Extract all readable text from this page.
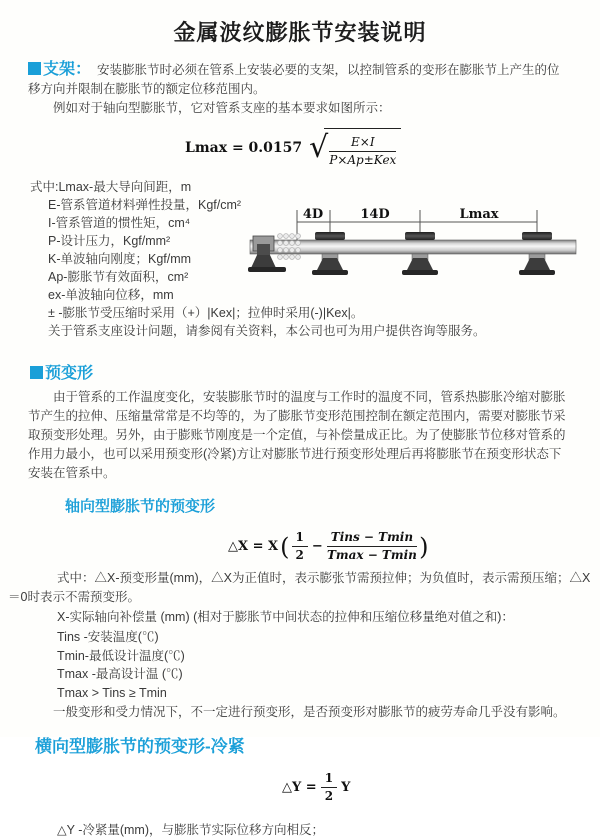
金属波纹膨胀节安装说明

支架： 安装膨胀节时必须在管系上安装必要的支架，以控制管系的变形在膨胀节上产生的位移方向并限制在膨胀节的额定位移范围内。

例如对于轴向型膨胀节，它对管系支座的基本要求如图所示：

Lmax = 0.0157 √ $\frac{E\times I}{\text{P×Ap±Kex}}$
式中:Lmax-最大导向间距，m
E-管系管道材料弹性投量，Kgf/cm²
I-管系管道的惯性矩，cm⁴
P-设计压力，Kgf/mm²
K-单波轴向刚度；Kgf/mm
Ap-膨胀节有效面积，cm²
ex-单波轴向位移，mm
± -膨胀节受压缩时采用（+）|Kex|；拉伸时采用(-)|Kex|。
关于管系支座设计问题，请参阅有关资料，本公司也可为用户提供咨询等服务。
4D	14D	Lmax
预变形

由于管系的工作温度变化，安装膨胀节时的温度与工作时的温度不同，管系热膨胀冷缩对膨胀节产生的拉伸、压缩量常常是不均等的，为了膨胀节变形范围控制在额定范围内，需要对膨胀节采取预变形处理。另外，由于膨账节刚度是一个定值，与补偿量成正比。为了使膨胀节位移对管系的作用力最小，也可以采用预变形(冷紧)方让对膨胀节进行预变形处理后再将膨胀节在预变形状态下安装在管系中。

轴向型膨胀节的预变形
△X = X ( $\frac{1}{2} - \frac{\text{Tins − Tmin}}{Tmax - Tmin}$ )

式中：△X-预变形量(mm)，△X为正值时，表示膨张节需预拉伸；为负值时，表示需预压缩；△X＝0时表示不需预变形。

X-实际轴向补偿量 (mm) (相对于膨胀节中间状态的拉伸和压缩位移量绝对值之和)：

Tins -安装温度(℃)
Tmin-最低设计温度(℃)
Tmax -最高设计温 (℃)
Tmax > Tins ≥ Tmin

一般变形和受力情况下，不一定进行预变形，是否预变形对膨胀节的疲劳寿命几乎没有影响。

横向型膨胀节的预变形-冷紧
△Y = $\frac{1}{2}$ Y

△Y -冷紧量(mm)，与膨胀节实际位移方向相反；
